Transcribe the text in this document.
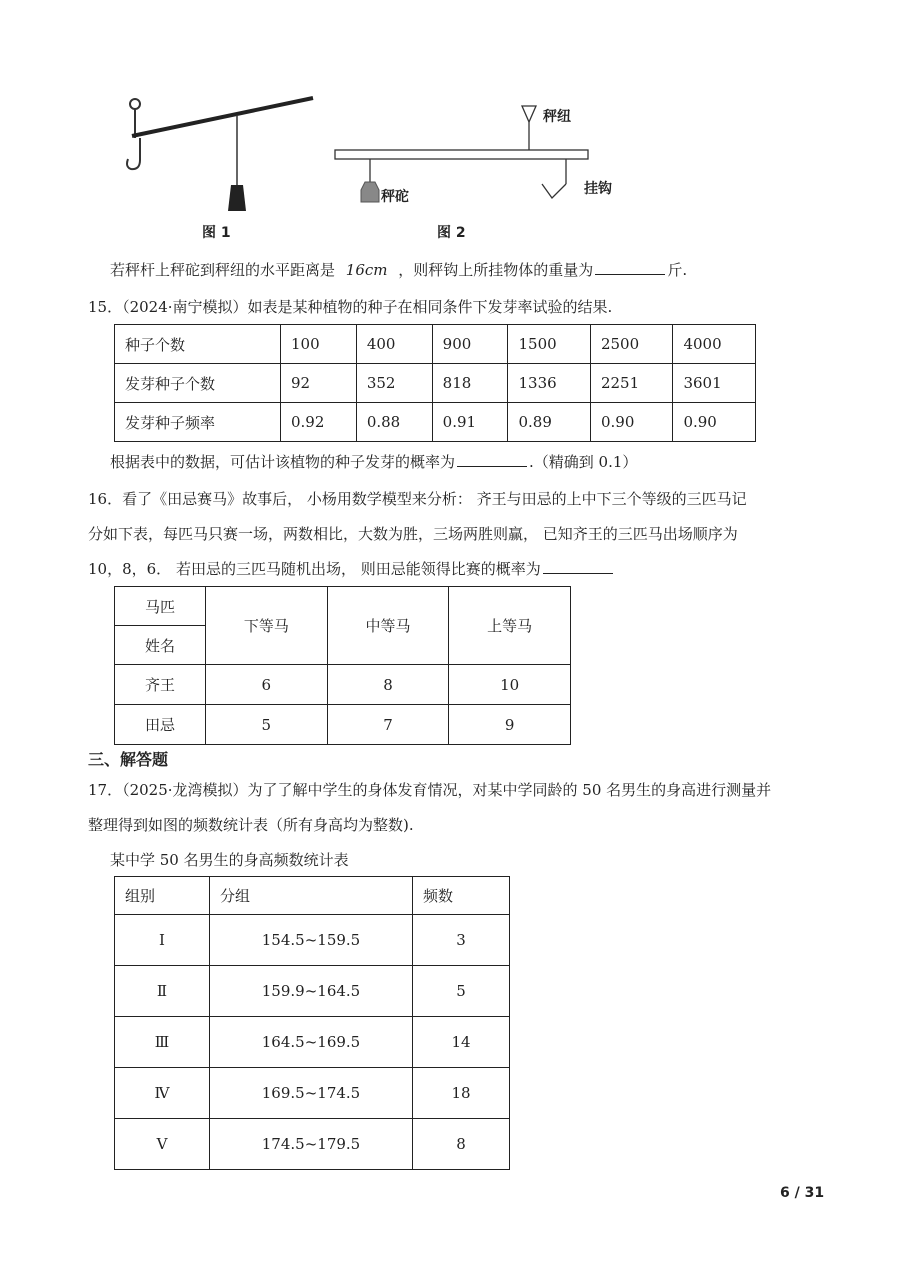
图 1
秤纽
秤砣	挂钩
图 2
若秤杆上秤砣到秤纽的水平距离是 16cm ，则秤钩上所挂物体的重量为	斤.
15．（2024·南宁模拟）如表是某种植物的种子在相同条件下发芽率试验的结果.
种子个数	100	400	900	1500	2500	4000
发芽种子个数	92	352	818	1336	2251	3601
发芽种子频率	0.92	0.88	0.91	0.89	0.90	0.90
根据表中的数据，可估计该植物的种子发芽的概率为	.（精确到 0.1）
16．看了《田忌赛马》故事后， 小杨用数学模型来分析： 齐王与田忌的上中下三个等级的三匹马记
分如下表，每匹马只赛一场，两数相比，大数为胜，三场两胜则赢， 已知齐王的三匹马出场顺序为
10，8，6． 若田忌的三匹马随机出场， 则田忌能领得比赛的概率为
马匹	下等马	中等马	上等马
姓名			
齐王	6	8	10
田忌	5	7	9
三、解答题
17．（2025·龙湾模拟）为了了解中学生的身体发育情况，对某中学同龄的 50 名男生的身高进行测量并
整理得到如图的频数统计表（所有身高均为整数).
某中学 50 名男生的身高频数统计表
组别	分组	频数
Ⅰ	154.5~159.5	3
Ⅱ	159.9~164.5	5
Ⅲ	164.5~169.5	14
Ⅳ	169.5~174.5	18
Ⅴ	174.5~179.5	8
6 / 31
